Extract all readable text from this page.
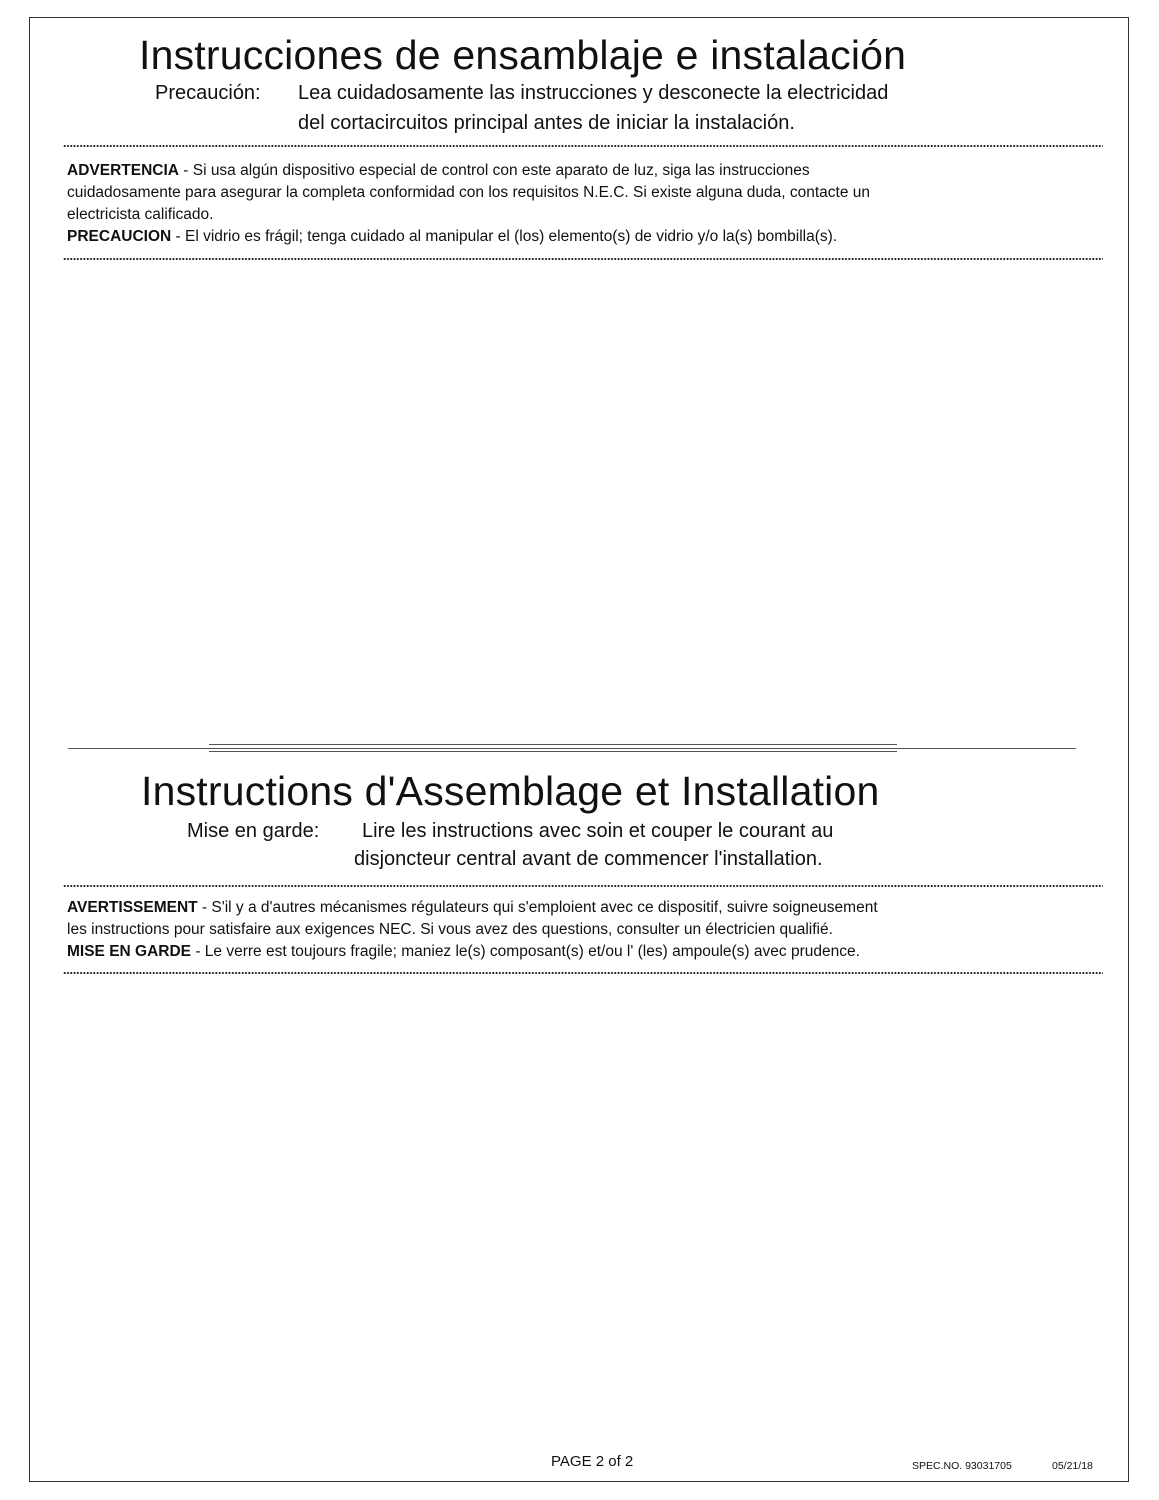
Instrucciones de ensamblaje e instalación
Precaución: Lea cuidadosamente las instrucciones y desconecte la electricidad
del cortacircuitos principal antes de iniciar la instalación.
ADVERTENCIA - Si usa algún dispositivo especial de control con este aparato de luz, siga las instrucciones
cuidadosamente para asegurar la completa conformidad con los requisitos N.E.C. Si existe alguna duda, contacte un
electricista calificado.
PRECAUCION - El vidrio es frágil; tenga cuidado al manipular el (los) elemento(s) de vidrio y/o la(s) bombilla(s).
Instructions d'Assemblage et Installation
Mise en garde: Lire les instructions avec soin et couper le courant au
disjoncteur central avant de commencer l'installation.
AVERTISSEMENT - S'il y a d'autres mécanismes régulateurs qui s'emploient avec ce dispositif, suivre soigneusement
les instructions pour satisfaire aux exigences NEC. Si vous avez des questions, consulter un électricien qualifié.
MISE EN GARDE - Le verre est toujours fragile; maniez le(s) composant(s) et/ou l' (les) ampoule(s) avec prudence.
PAGE 2 of 2	SPEC.NO. 93031705	05/21/18
